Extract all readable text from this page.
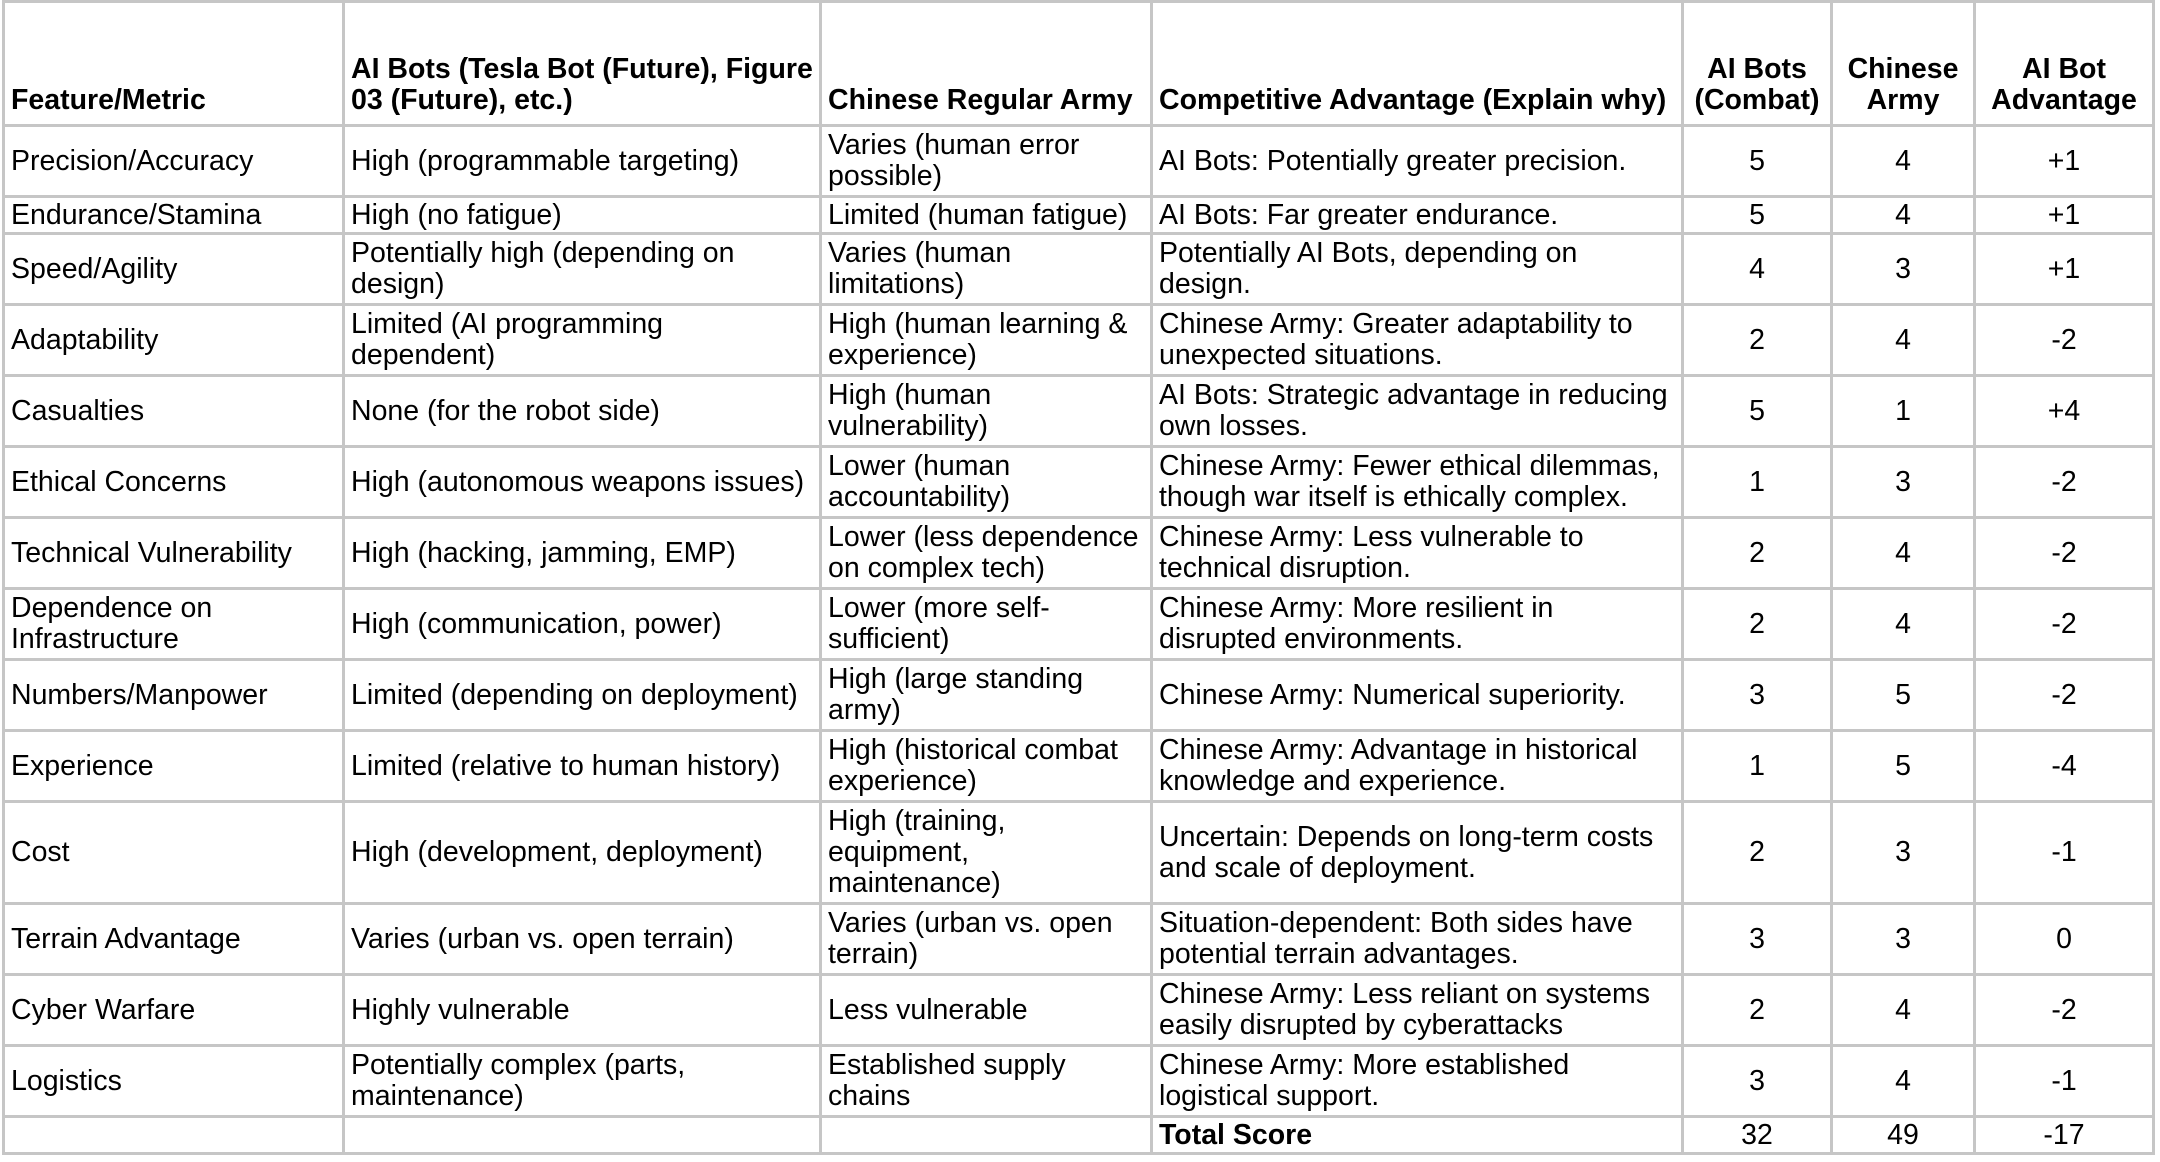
Feature/Metric	AI Bots (Tesla Bot (Future), Figure 03 (Future), etc.)	Chinese Regular Army	Competitive Advantage (Explain why)	AI Bots (Combat)	Chinese Army	AI Bot Advantage
Precision/Accuracy	High (programmable targeting)	Varies (human error possible)	AI Bots: Potentially greater precision.	5	4	+1
Endurance/Stamina	High (no fatigue)	Limited (human fatigue)	AI Bots: Far greater endurance.	5	4	+1
Speed/Agility	Potentially high (depending on design)	Varies (human limitations)	Potentially AI Bots, depending on design.	4	3	+1
Adaptability	Limited (AI programming dependent)	High (human learning & experience)	Chinese Army: Greater adaptability to unexpected situations.	2	4	-2
Casualties	None (for the robot side)	High (human vulnerability)	AI Bots: Strategic advantage in reducing own losses.	5	1	+4
Ethical Concerns	High (autonomous weapons issues)	Lower (human accountability)	Chinese Army: Fewer ethical dilemmas, though war itself is ethically complex.	1	3	-2
Technical Vulnerability	High (hacking, jamming, EMP)	Lower (less dependence on complex tech)	Chinese Army: Less vulnerable to technical disruption.	2	4	-2
Dependence on Infrastructure	High (communication, power)	Lower (more self-sufficient)	Chinese Army: More resilient in disrupted environments.	2	4	-2
Numbers/Manpower	Limited (depending on deployment)	High (large standing army)	Chinese Army: Numerical superiority.	3	5	-2
Experience	Limited (relative to human history)	High (historical combat experience)	Chinese Army: Advantage in historical knowledge and experience.	1	5	-4
Cost	High (development, deployment)	High (training, equipment, maintenance)	Uncertain: Depends on long-term costs and scale of deployment.	2	3	-1
Terrain Advantage	Varies (urban vs. open terrain)	Varies (urban vs. open terrain)	Situation-dependent: Both sides have potential terrain advantages.	3	3	0
Cyber Warfare	Highly vulnerable	Less vulnerable	Chinese Army: Less reliant on systems easily disrupted by cyberattacks	2	4	-2
Logistics	Potentially complex (parts, maintenance)	Established supply chains	Chinese Army: More established logistical support.	3	4	-1
			Total Score	32	49	-17
